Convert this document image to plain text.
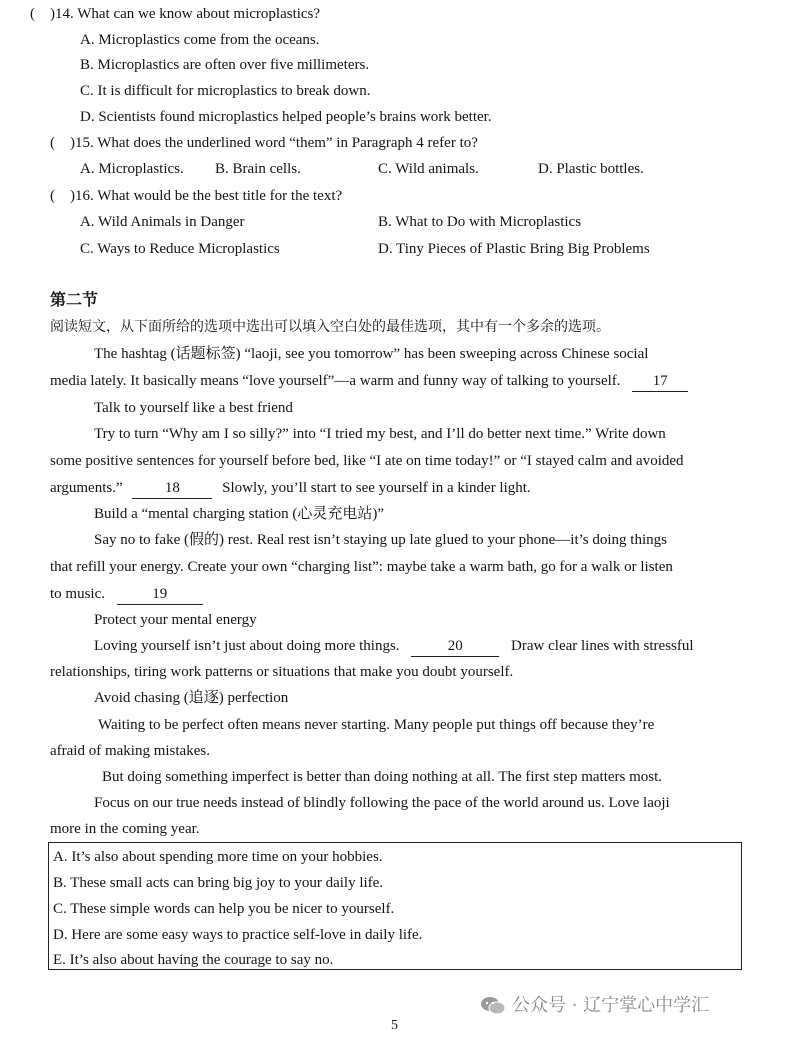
(　)14. What can we know about microplastics?
A. Microplastics come from the oceans.
B. Microplastics are often over five millimeters.
C. It is difficult for microplastics to break down.
D. Scientists found microplastics helped people’s brains work better.
(　)15. What does the underlined word “them” in Paragraph 4 refer to?
A. Microplastics. B. Brain cells.	C. Wild animals.	D. Plastic bottles.
(　)16. What would be the best title for the text?
A. Wild Animals in Danger	B. What to Do with Microplastics
C. Ways to Reduce Microplastics	D. Tiny Pieces of Plastic Bring Big Problems
第二节
阅读短文，从下面所给的选项中选出可以填入空白处的最佳选项，其中有一个多余的选项。
The hashtag (话题标签) “laoji, see you tomorrow” has been sweeping across Chinese social
media lately. It basically means “love yourself”—a warm and funny way of talking to yourself. 17
Talk to yourself like a best friend
Try to turn “Why am I so silly?” into “I tried my best, and I’ll do better next time.” Write down
some positive sentences for yourself before bed, like “I ate on time today!” or “I stayed calm and avoided
arguments.”	18	Slowly, you’ll start to see yourself in a kinder light.
Build a “mental charging station (心灵充电站)”
Say no to fake (假的) rest. Real rest isn’t staying up late glued to your phone—it’s doing things
that refill your energy. Create your own “charging list”: maybe take a warm bath, go for a walk or listen
to music.	19
Protect your mental energy
Loving yourself isn’t just about doing more things.	20	Draw clear lines with stressful
relationships, tiring work patterns or situations that make you doubt yourself.
Avoid chasing (追逐) perfection
Waiting to be perfect often means never starting. Many people put things off because they’re
afraid of making mistakes.
But doing something imperfect is better than doing nothing at all. The first step matters most.
Focus on our true needs instead of blindly following the pace of the world around us. Love laoji
more in the coming year.
A. It’s also about spending more time on your hobbies.
B. These small acts can bring big joy to your daily life.
C. These simple words can help you be nicer to yourself.
D. Here are some easy ways to practice self-love in daily life.
E. It’s also about having the courage to say no.
公众号 · 辽宁掌心中学汇
5
